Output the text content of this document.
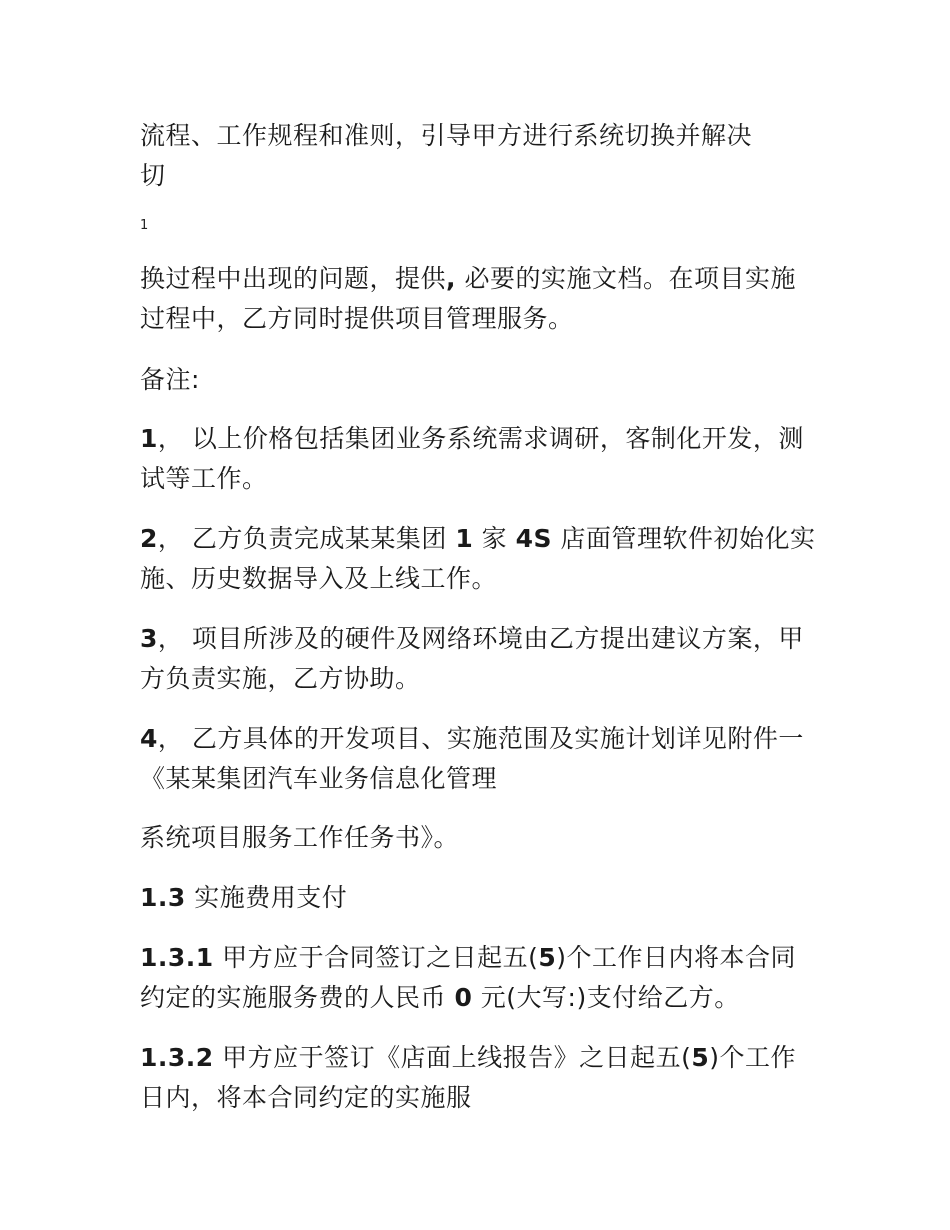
流程、工作规程和准则，引导甲方进行系统切换并解决
切
1
换过程中出现的问题，提供, 必要的实施文档。在项目实施过程中，乙方同时提供项目管理服务。
备注:
1， 以上价格包括集团业务系统需求调研，客制化开发，测试等工作。
2， 乙方负责完成某某集团 1 家 4S 店面管理软件初始化实施、历史数据导入及上线工作。
3， 项目所涉及的硬件及网络环境由乙方提出建议方案，甲方负责实施，乙方协助。
4， 乙方具体的开发项目、实施范围及实施计划详见附件一《某某集团汽车业务信息化管理
系统项目服务工作任务书》。
1.3 实施费用支付
1.3.1 甲方应于合同签订之日起五(5)个工作日内将本合同约定的实施服务费的人民币 0 元(大写:)支付给乙方。
1.3.2 甲方应于签订《店面上线报告》之日起五(5)个工作日内，将本合同约定的实施服
